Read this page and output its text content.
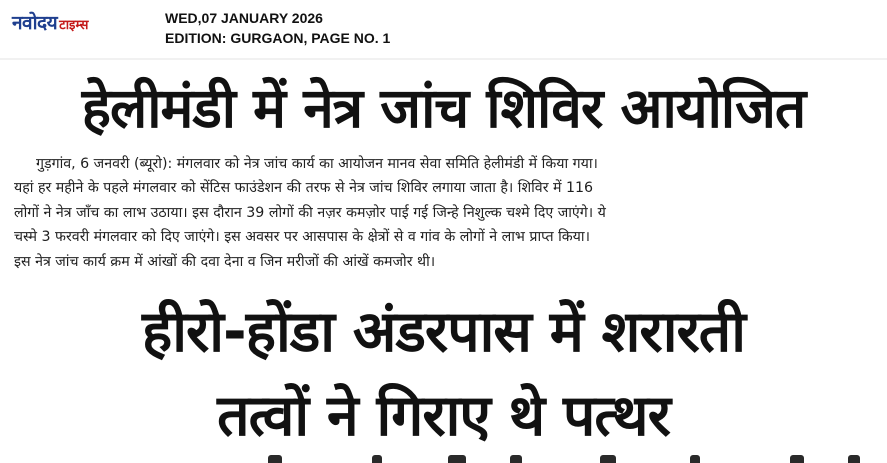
नवोदय टाइम्स	WED,07 JANUARY 2026
EDITION: GURGAON, PAGE NO. 1
हेलीमंडी में नेत्र जांच शिविर आयोजित

गुड़गांव, 6 जनवरी (ब्यूरो): मंगलवार को नेत्र जांच कार्य का आयोजन मानव सेवा समिति हेलीमंडी में किया गया।

यहां हर महीने के पहले मंगलवार को सेंटिस फाउंडेशन की तरफ से नेत्र जांच शिविर लगाया जाता है। शिविर में 116

लोगों ने नेत्र जाँच का लाभ उठाया। इस दौरान 39 लोगों की नज़र कमज़ोर पाई गई जिन्हे निशुल्क चश्मे दिए जाएंगे। ये

चस्मे 3 फरवरी मंगलवार को दिए जाएंगे। इस अवसर पर आसपास के क्षेत्रों से व गांव के लोगों ने लाभ प्राप्त किया।

इस नेत्र जांच कार्य क्रम में आंखों की दवा देना व जिन मरीजों की आंखें कमजोर थी।

हीरो-होंडा अंडरपास में शरारती
तत्वों ने गिराए थे पत्थर
